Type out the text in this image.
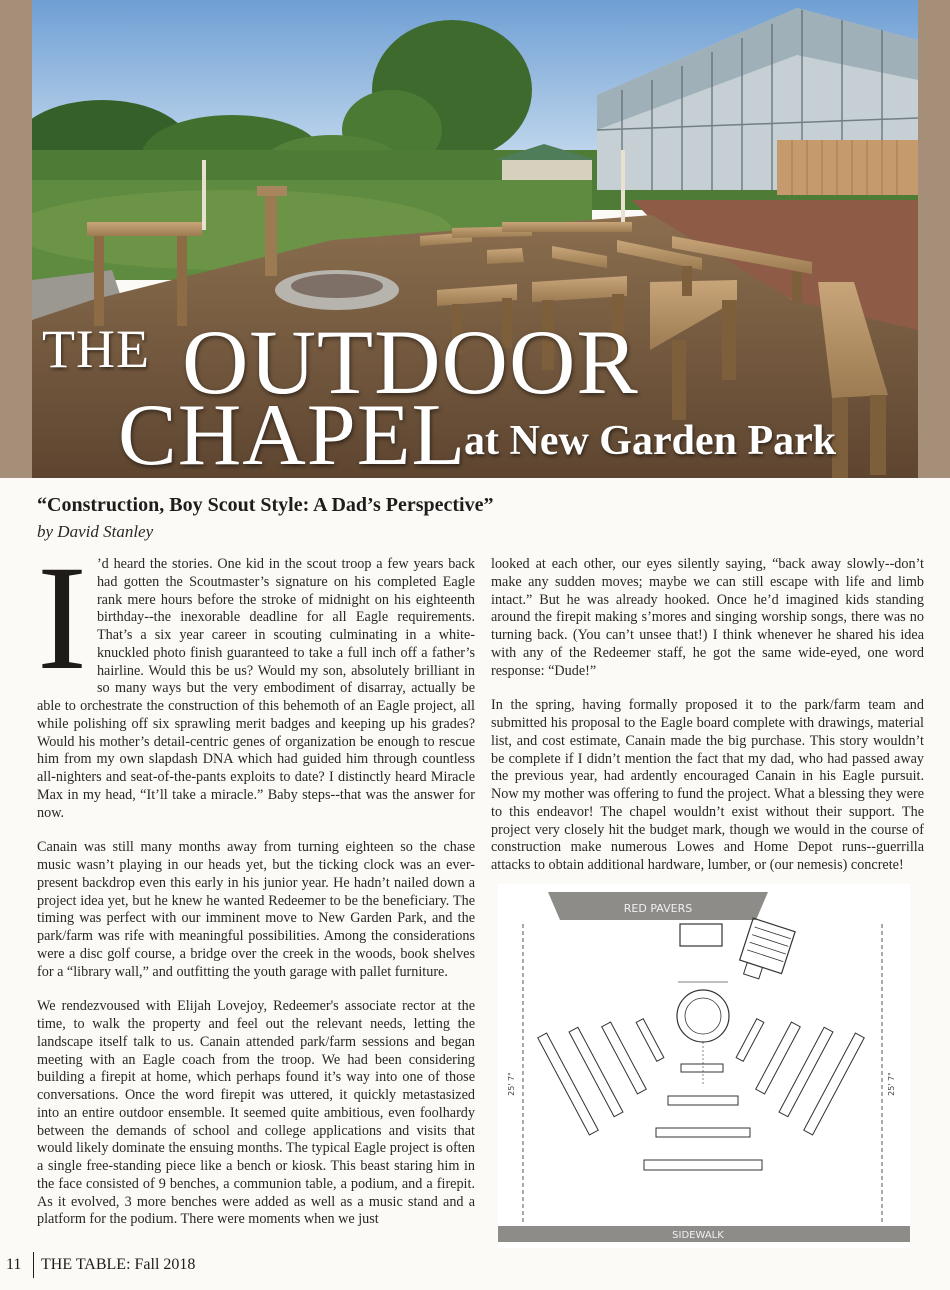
THE OUTDOOR
CHAPEL
at New Garden Park
“Construction, Boy Scout Style: A Dad’s Perspective”
by David Stanley

I ’d heard the stories. One kid in the scout troop a few years back had gotten the Scoutmaster’s signature on his completed Eagle rank mere hours before the stroke of midnight on his eighteenth birthday--the inexorable deadline for all Eagle requirements. That’s a six year career in scouting culminating in a white-knuckled photo finish guaranteed to take a full inch off a father’s hairline. Would this be us? Would my son, absolutely brilliant in so many ways but the very embodiment of disarray, actually be able to orchestrate the construction of this behemoth of an Eagle project, all while polishing off six sprawling merit badges and keeping up his grades? Would his mother’s detail-centric genes of organization be enough to rescue him from my own slapdash DNA which had guided him through countless all-nighters and seat-of-the-pants exploits to date? I distinctly heard Miracle Max in my head, “It’ll take a miracle.” Baby steps--that was the answer for now.

Canain was still many months away from turning eighteen so the chase music wasn’t playing in our heads yet, but the ticking clock was an ever-present backdrop even this early in his junior year. He hadn’t nailed down a project idea yet, but he knew he wanted Redeemer to be the beneficiary. The timing was perfect with our imminent move to New Garden Park, and the park/farm was rife with meaningful possibilities. Among the considerations were a disc golf course, a bridge over the creek in the woods, book shelves for a “library wall,” and outfitting the youth garage with pallet furniture.

We rendezvoused with Elijah Lovejoy, Redeemer's associate rector at the time, to walk the property and feel out the relevant needs, letting the landscape itself talk to us. Canain attended park/farm sessions and began meeting with an Eagle coach from the troop. We had been considering building a firepit at home, which perhaps found it’s way into one of those conversations. Once the word firepit was uttered, it quickly metastasized into an entire outdoor ensemble. It seemed quite ambitious, even foolhardy between the demands of school and college applications and visits that would likely dominate the ensuing months. The typical Eagle project is often a single free-standing piece like a bench or kiosk. This beast staring him in the face consisted of 9 benches, a communion table, a podium, and a firepit. As it evolved, 3 more benches were added as well as a music stand and a platform for the podium. There were moments when we just

looked at each other, our eyes silently saying, “back away slowly--don’t make any sudden moves; maybe we can still escape with life and limb intact.” But he was already hooked. Once he’d imagined kids standing around the firepit making s’mores and singing worship songs, there was no turning back. (You can’t unsee that!) I think whenever he shared his idea with any of the Redeemer staff, he got the same wide-eyed, one word response: “Dude!”

In the spring, having formally proposed it to the park/farm team and submitted his proposal to the Eagle board complete with drawings, material list, and cost estimate, Canain made the big purchase. This story wouldn’t be complete if I didn’t mention the fact that my dad, who had passed away the previous year, had ardently encouraged Canain in his Eagle pursuit. Now my mother was offering to fund the project. What a blessing they were to this endeavor! The chapel wouldn’t exist without their support. The project very closely hit the budget mark, though we would in the course of construction make numerous Lowes and Home Depot runs--guerrilla attacks to obtain additional hardware, lumber, or (our nemesis) concrete!

RED PAVERS
SIDEWALK
25' 7"	25' 7"
11 THE TABLE: Fall 2018
